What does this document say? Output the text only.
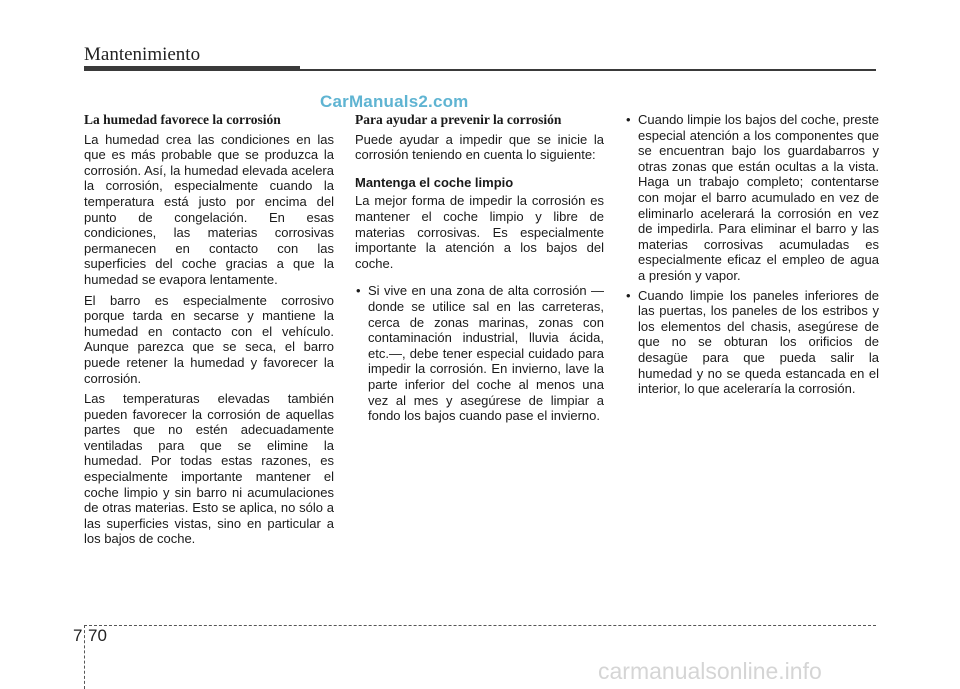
Mantenimiento
CarManuals2.com
La humedad favorece la corrosión

La humedad crea las condiciones en las que es más probable que se produzca la corrosión. Así, la humedad elevada acelera la corrosión, especialmente cuando la temperatura está justo por encima del punto de congelación. En esas condiciones, las materias corrosivas permanecen en contacto con las superficies del coche gracias a que la humedad se evapora lentamente.

El barro es especialmente corrosivo porque tarda en secarse y mantiene la humedad en contacto con el vehículo. Aunque parezca que se seca, el barro puede retener la humedad y favorecer la corrosión.

Las temperaturas elevadas también pueden favorecer la corrosión de aquellas partes que no estén adecuadamente ventiladas para que se elimine la humedad. Por todas estas razones, es especialmente importante mantener el coche limpio y sin barro ni acumulaciones de otras materias. Esto se aplica, no sólo a las superficies vistas, sino en particular a los bajos de coche.

Para ayudar a prevenir la corrosión

Puede ayudar a impedir que se inicie la corrosión teniendo en cuenta lo siguiente:

Mantenga el coche limpio

La mejor forma de impedir la corrosión es mantener el coche limpio y libre de materias corrosivas. Es especialmente importante la atención a los bajos del coche.

• Si vive en una zona de alta corrosión — donde se utilice sal en las carreteras, cerca de zonas marinas, zonas con contaminación industrial, lluvia ácida, etc.—, debe tener especial cuidado para impedir la corrosión. En invierno, lave la parte inferior del coche al menos una vez al mes y asegúrese de limpiar a fondo los bajos cuando pase el invierno.
• Cuando limpie los bajos del coche, preste especial atención a los componentes que se encuentran bajo los guardabarros y otras zonas que están ocultas a la vista. Haga un trabajo completo; contentarse con mojar el barro acumulado en vez de eliminarlo acelerará la corrosión en vez de impedirla. Para eliminar el barro y las materias corrosivas acumuladas es especialmente eficaz el empleo de agua a presión y vapor.
• Cuando limpie los paneles inferiores de las puertas, los paneles de los estribos y los elementos del chasis, asegúrese de que no se obturan los orificios de desagüe para que pueda salir la humedad y no se queda estancada en el interior, lo que aceleraría la corrosión.
7 70
carmanualsonline.info
